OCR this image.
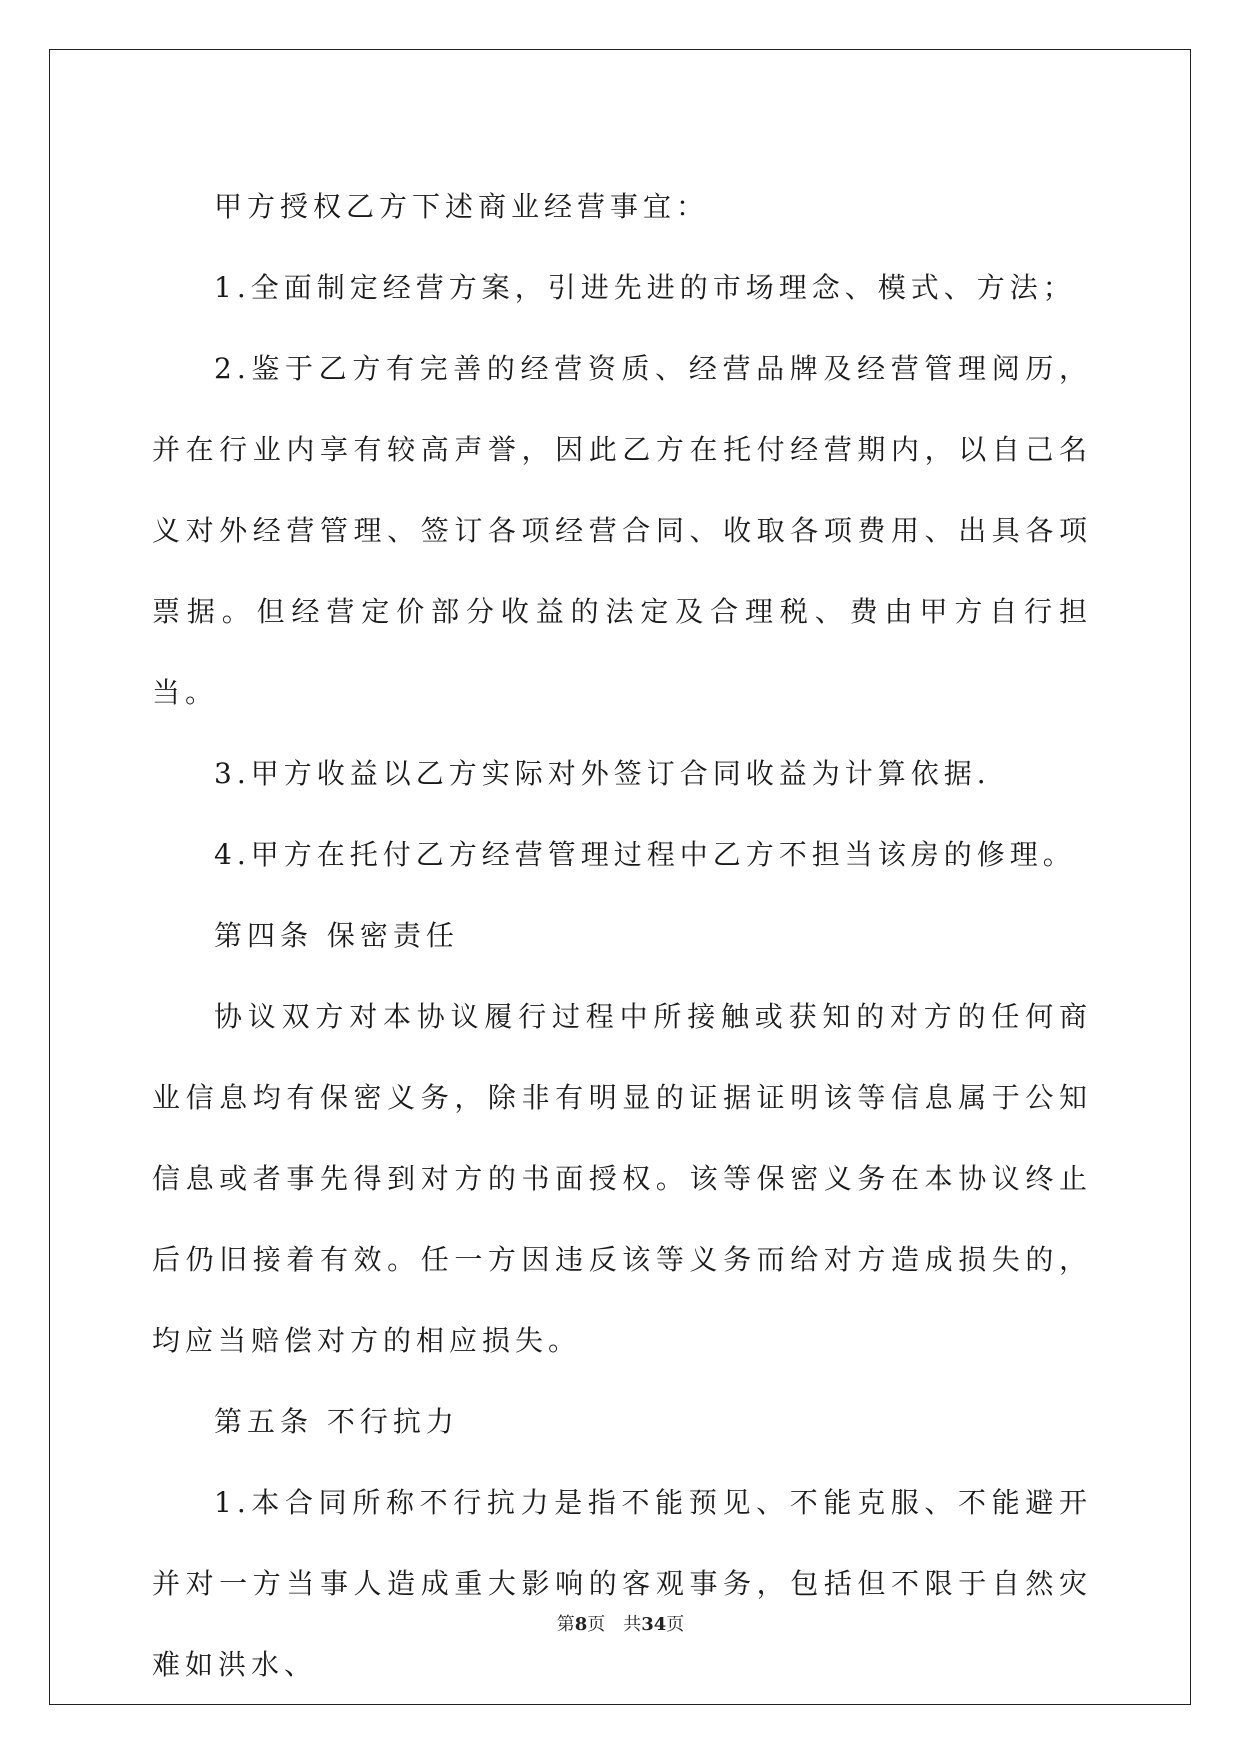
甲方授权乙方下述商业经营事宜：

1.全面制定经营方案，引进先进的市场理念、模式、方法；

2.鉴于乙方有完善的经营资质、经营品牌及经营管理阅历，并在行业内享有较高声誉，因此乙方在托付经营期内，以自己名义对外经营管理、签订各项经营合同、收取各项费用、出具各项票据。但经营定价部分收益的法定及合理税、费由甲方自行担当。

3.甲方收益以乙方实际对外签订合同收益为计算依据.

4.甲方在托付乙方经营管理过程中乙方不担当该房的修理。

第四条 保密责任

协议双方对本协议履行过程中所接触或获知的对方的任何商业信息均有保密义务，除非有明显的证据证明该等信息属于公知信息或者事先得到对方的书面授权。该等保密义务在本协议终止后仍旧接着有效。任一方因违反该等义务而给对方造成损失的，均应当赔偿对方的相应损失。

第五条 不行抗力

1.本合同所称不行抗力是指不能预见、不能克服、不能避开并对一方当事人造成重大影响的客观事务，包括但不限于自然灾难如洪水、

第8页 共34页
